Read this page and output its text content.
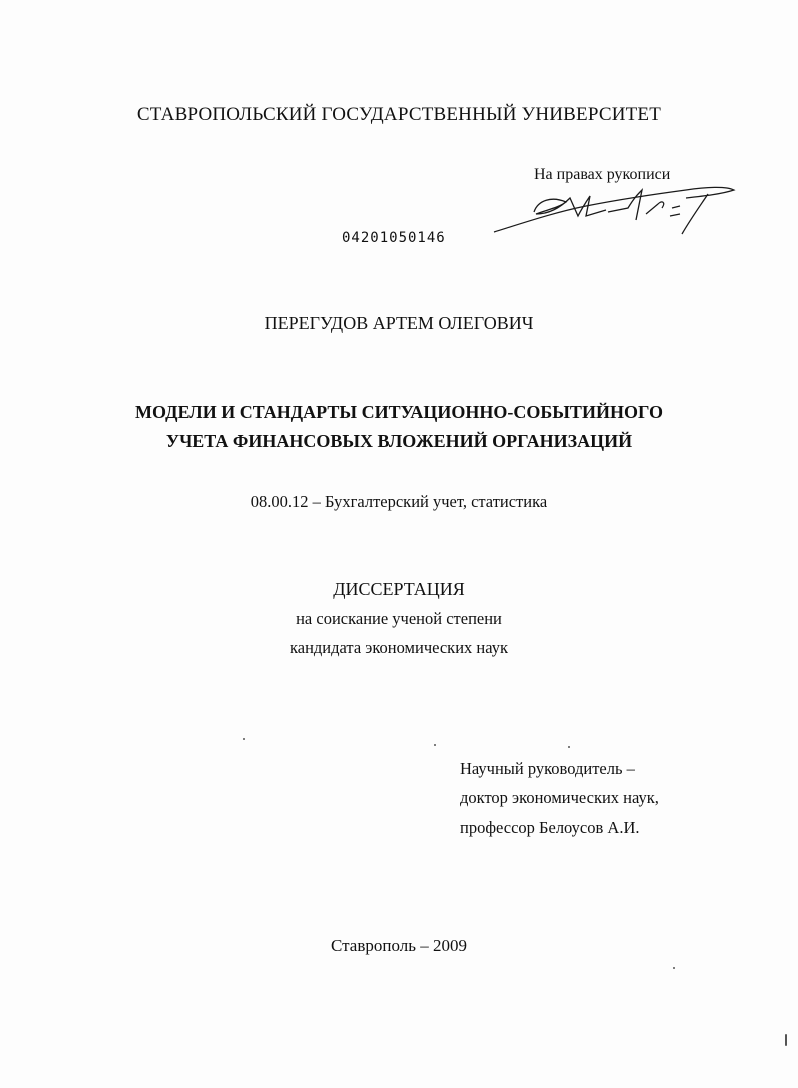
СТАВРОПОЛЬСКИЙ ГОСУДАРСТВЕННЫЙ УНИВЕРСИТЕТ
На правах рукописи
04201050146
ПЕРЕГУДОВ АРТЕМ ОЛЕГОВИЧ
МОДЕЛИ И СТАНДАРТЫ СИТУАЦИОННО-СОБЫТИЙНОГО
УЧЕТА ФИНАНСОВЫХ ВЛОЖЕНИЙ ОРГАНИЗАЦИЙ
08.00.12 – Бухгалтерский учет, статистика
ДИССЕРТАЦИЯ
на соискание ученой степени
кандидата экономических наук
Научный руководитель –
доктор экономических наук,
профессор Белоусов А.И.
Ставрополь – 2009
